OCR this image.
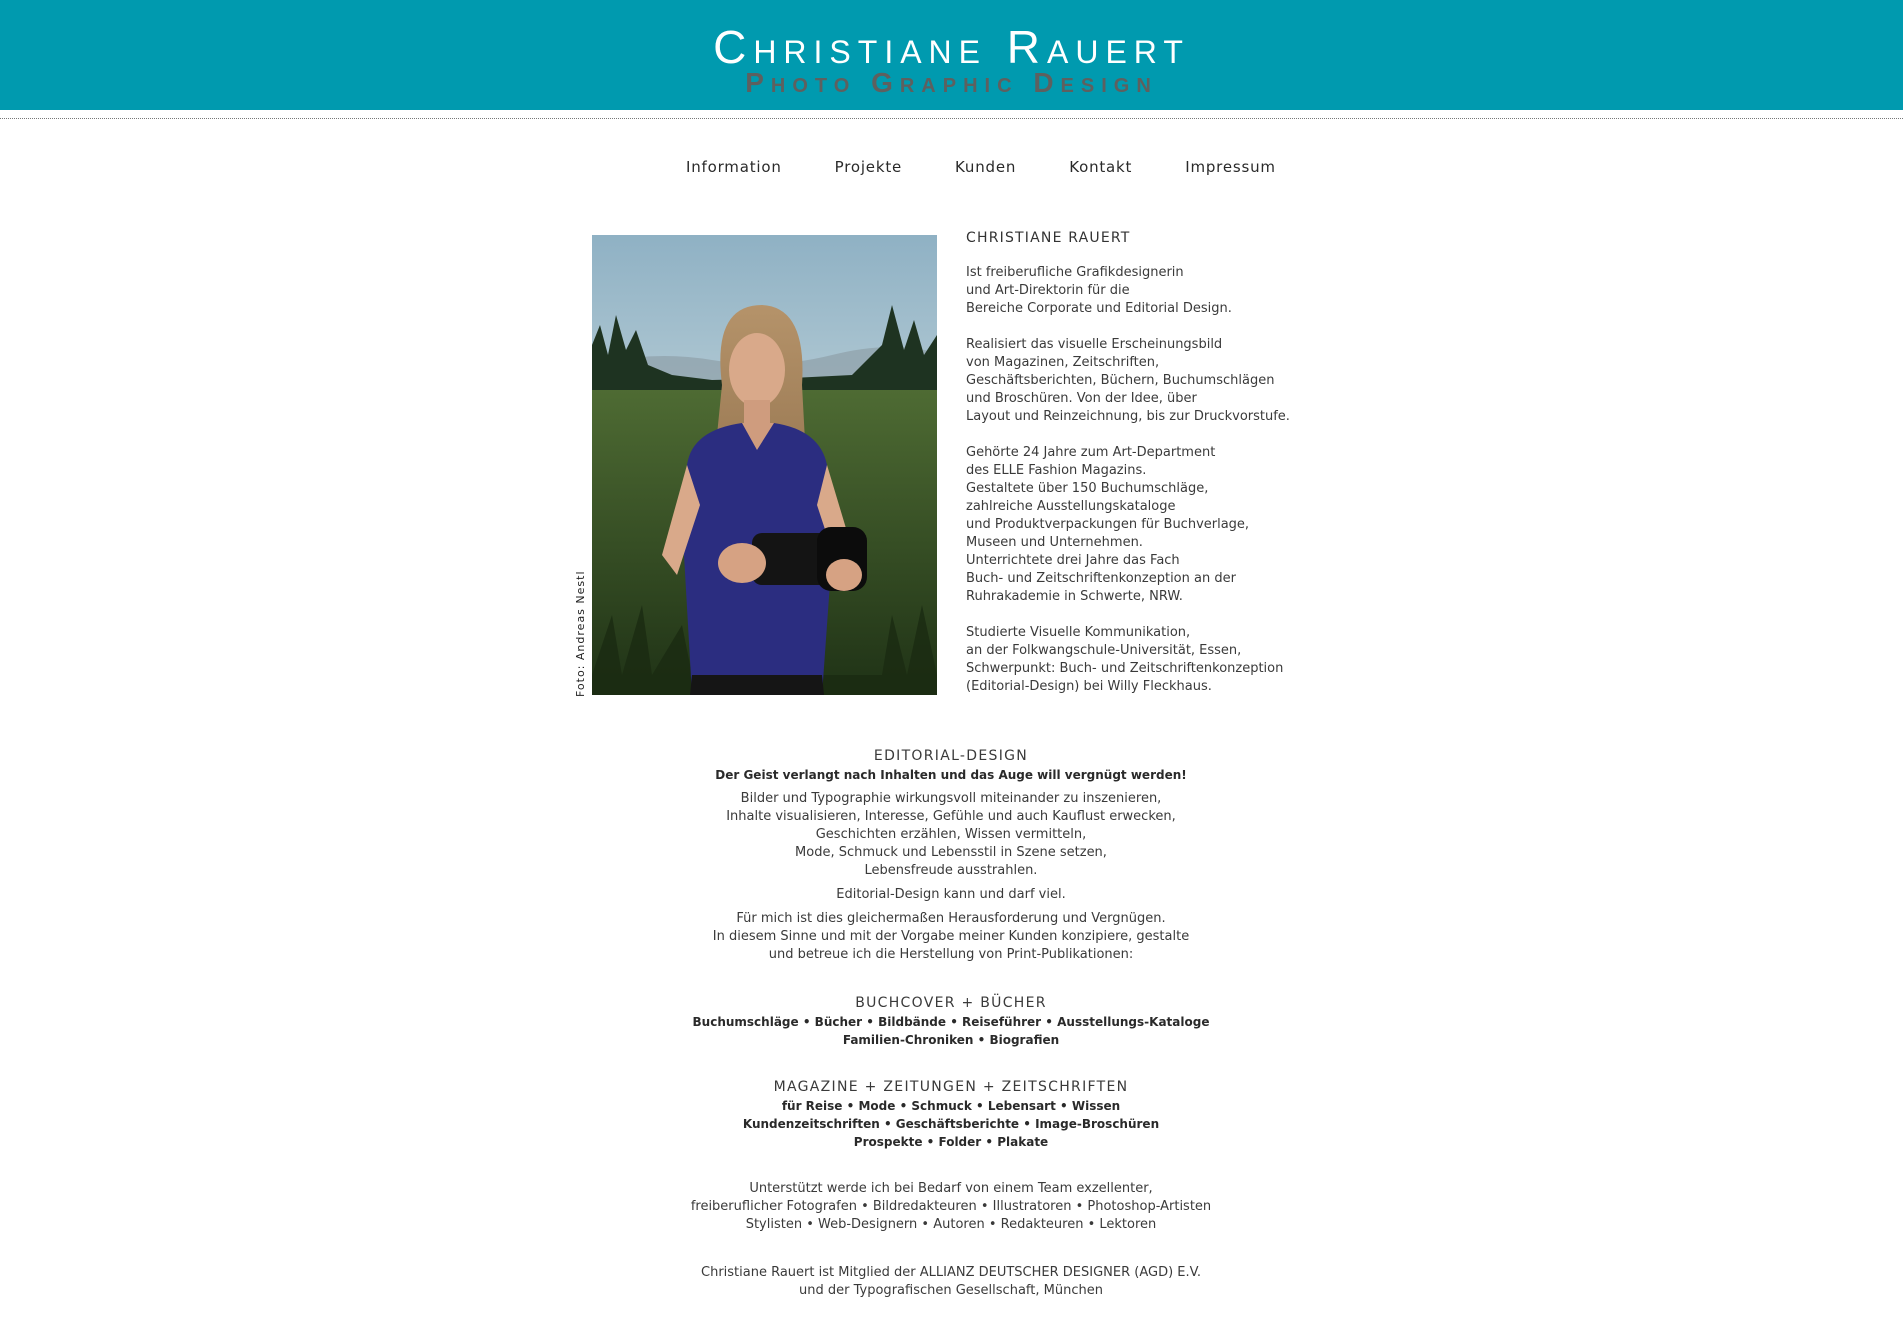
Christiane Rauert
Photo Graphic Design
Information	Projekte	Kunden	Kontakt	Impressum
Foto: Andreas Nestl
CHRISTIANE RAUERT

Ist freiberufliche Grafikdesignerin
und Art-Direktorin für die
Bereiche Corporate und Editorial Design.

Realisiert das visuelle Erscheinungsbild
von Magazinen, Zeitschriften,
Geschäftsberichten, Büchern, Buchumschlägen
und Broschüren. Von der Idee, über
Layout und Reinzeichnung, bis zur Druckvorstufe.

Gehörte 24 Jahre zum Art-Department
des ELLE Fashion Magazins.
Gestaltete über 150 Buchumschläge,
zahlreiche Ausstellungskataloge
und Produktverpackungen für Buchverlage,
Museen und Unternehmen.
Unterrichtete drei Jahre das Fach
Buch- und Zeitschriftenkonzeption an der
Ruhrakademie in Schwerte, NRW.

Studierte Visuelle Kommunikation,
an der Folkwangschule-Universität, Essen,
Schwerpunkt: Buch- und Zeitschriftenkonzeption
(Editorial-Design) bei Willy Fleckhaus.

EDITORIAL-DESIGN
Der Geist verlangt nach Inhalten und das Auge will vergnügt werden!
Bilder und Typographie wirkungsvoll miteinander zu inszenieren,
Inhalte visualisieren, Interesse, Gefühle und auch Kauflust erwecken,
Geschichten erzählen, Wissen vermitteln,
Mode, Schmuck und Lebensstil in Szene setzen,
Lebensfreude ausstrahlen.
Editorial-Design kann und darf viel.
Für mich ist dies gleichermaßen Herausforderung und Vergnügen.
In diesem Sinne und mit der Vorgabe meiner Kunden konzipiere, gestalte
und betreue ich die Herstellung von Print-Publikationen:
BUCHCOVER + BÜCHER
Buchumschläge • Bücher • Bildbände • Reiseführer • Ausstellungs-Kataloge
Familien-Chroniken • Biografien
MAGAZINE + ZEITUNGEN + ZEITSCHRIFTEN
für Reise • Mode • Schmuck • Lebensart • Wissen
Kundenzeitschriften • Geschäftsberichte • Image-Broschüren
Prospekte • Folder • Plakate
Unterstützt werde ich bei Bedarf von einem Team exzellenter,
freiberuflicher Fotografen • Bildredakteuren • Illustratoren • Photoshop-Artisten
Stylisten • Web-Designern • Autoren • Redakteuren • Lektoren
Christiane Rauert ist Mitglied der ALLIANZ DEUTSCHER DESIGNER (AGD) E.V.
und der Typografischen Gesellschaft, München
